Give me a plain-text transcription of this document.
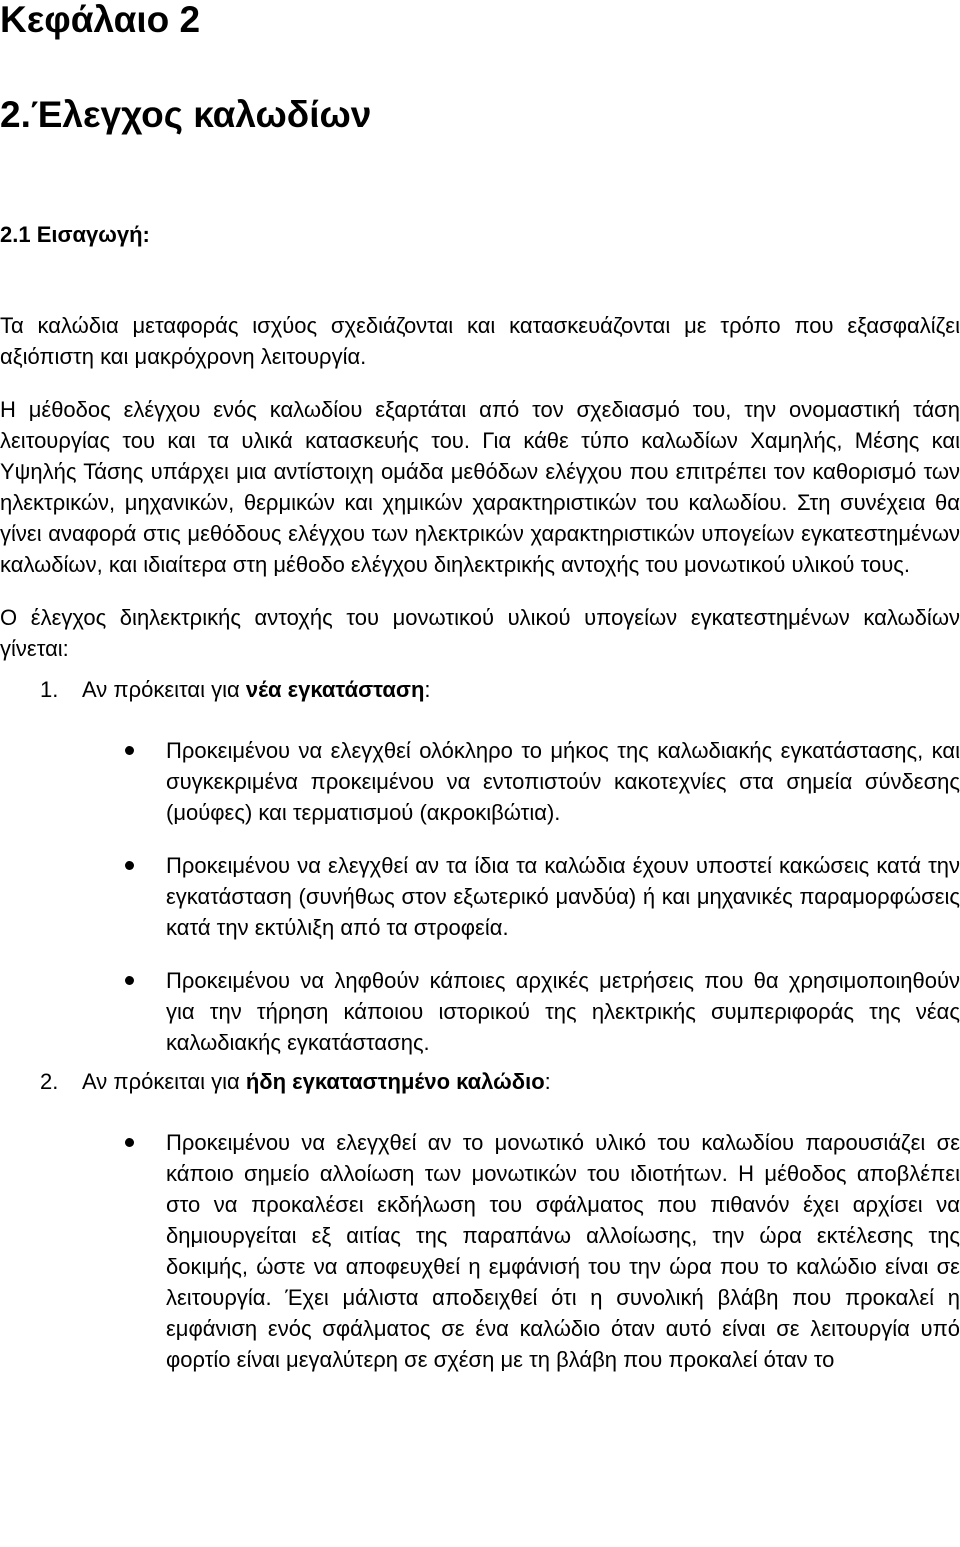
Κεφάλαιο 2
2.Έλεγχος καλωδίων
2.1 Εισαγωγή:

Τα καλώδια μεταφοράς ισχύος σχεδιάζονται και κατασκευάζονται με τρόπο που εξασφαλίζει αξιόπιστη και μακρόχρονη λειτουργία.

Η μέθοδος ελέγχου ενός καλωδίου εξαρτάται από τον σχεδιασμό του, την ονομαστική τάση λειτουργίας του και τα υλικά κατασκευής του. Για κάθε τύπο καλωδίων Χαμηλής, Μέσης και Υψηλής Τάσης υπάρχει μια αντίστοιχη ομάδα μεθόδων ελέγχου που επιτρέπει τον καθορισμό των ηλεκτρικών, μηχανικών, θερμικών και χημικών χαρακτηριστικών του καλωδίου. Στη συνέχεια θα γίνει αναφορά στις μεθόδους ελέγχου των ηλεκτρικών χαρακτηριστικών υπογείων εγκατεστημένων καλωδίων, και ιδιαίτερα στη μέθοδο ελέγχου διηλεκτρικής αντοχής του μονωτικού υλικού τους.

Ο έλεγχος διηλεκτρικής αντοχής του μονωτικού υλικού υπογείων εγκατεστημένων καλωδίων γίνεται:

1. Αν πρόκειται για νέα εγκατάσταση:

Προκειμένου να ελεγχθεί ολόκληρο το μήκος της καλωδιακής εγκατάστασης, και συγκεκριμένα προκειμένου να εντοπιστούν κακοτεχνίες στα σημεία σύνδεσης (μούφες) και τερματισμού (ακροκιβώτια).
Προκειμένου να ελεγχθεί αν τα ίδια τα καλώδια έχουν υποστεί κακώσεις κατά την εγκατάσταση (συνήθως στον εξωτερικό μανδύα) ή και μηχανικές παραμορφώσεις κατά την εκτύλιξη από τα στροφεία.
Προκειμένου να ληφθούν κάποιες αρχικές μετρήσεις που θα χρησιμοποιηθούν για την τήρηση κάποιου ιστορικού της ηλεκτρικής συμπεριφοράς της νέας καλωδιακής εγκατάστασης.

2. Αν πρόκειται για ήδη εγκαταστημένο καλώδιο:

Προκειμένου να ελεγχθεί αν το μονωτικό υλικό του καλωδίου παρουσιάζει σε κάποιο σημείο αλλοίωση των μονωτικών του ιδιοτήτων. Η μέθοδος αποβλέπει στο να προκαλέσει εκδήλωση του σφάλματος που πιθανόν έχει αρχίσει να δημιουργείται εξ αιτίας της παραπάνω αλλοίωσης, την ώρα εκτέλεσης της δοκιμής, ώστε να αποφευχθεί η εμφάνισή του την ώρα που το καλώδιο είναι σε λειτουργία. Έχει μάλιστα αποδειχθεί ότι η συνολική βλάβη που προκαλεί η εμφάνιση ενός σφάλματος σε ένα καλώδιο όταν αυτό είναι σε λειτουργία υπό φορτίο είναι μεγαλύτερη σε σχέση με τη βλάβη που προκαλεί όταν το
